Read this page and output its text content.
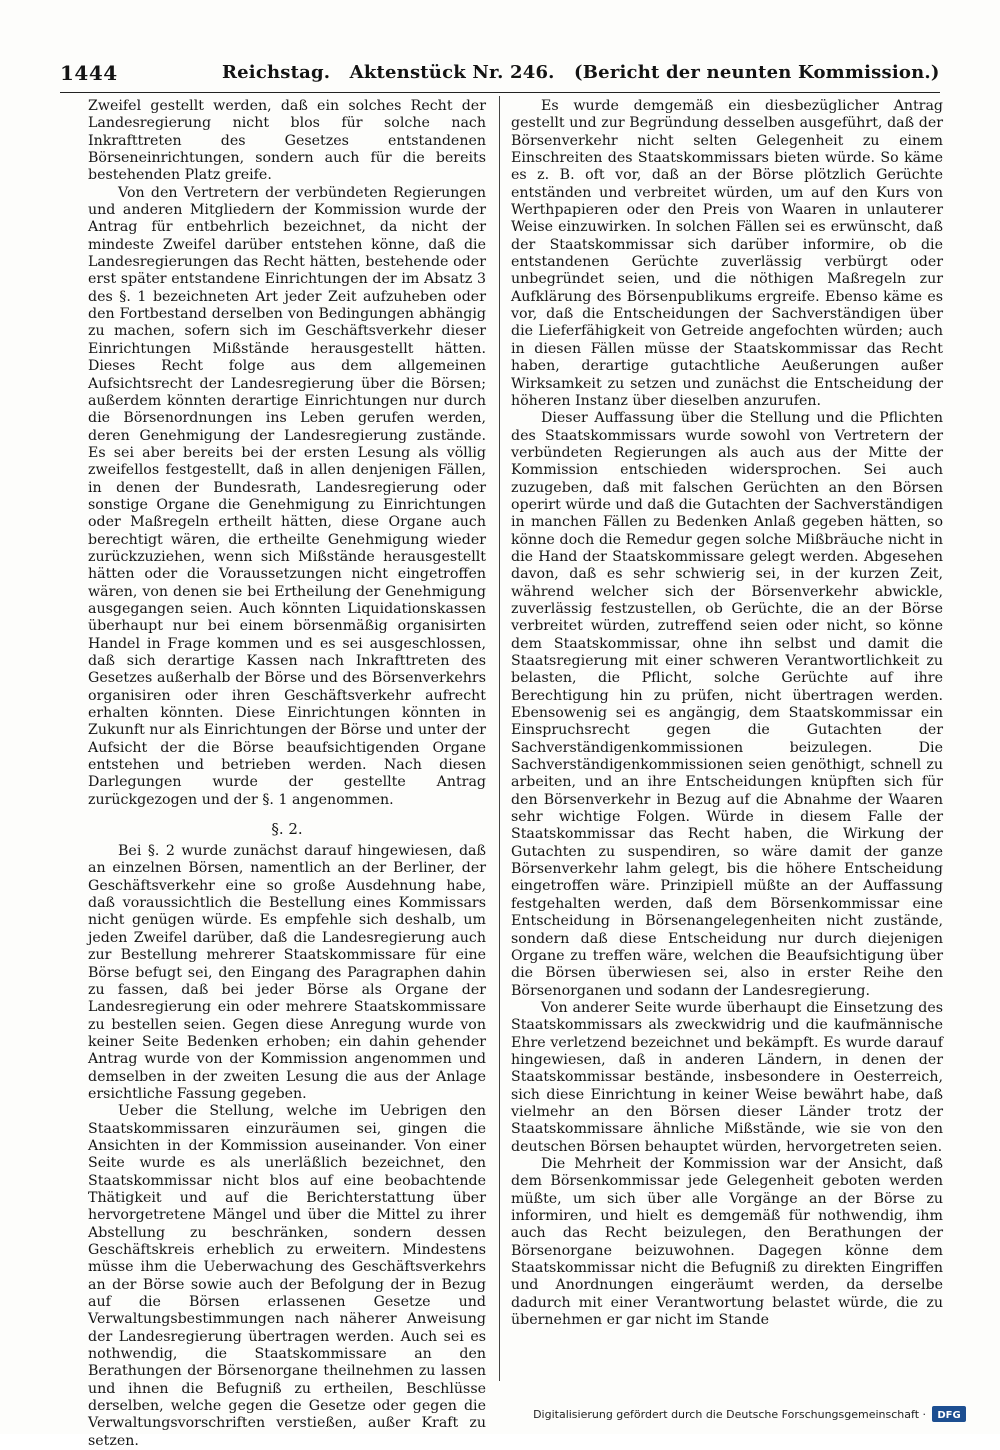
1444	Reichstag.   Aktenstück Nr. 246.   (Bericht der neunten Kommission.)

Zweifel gestellt werden, daß ein solches Recht der Landesregierung nicht blos für solche nach Inkrafttreten des Gesetzes entstandenen Börseneinrichtungen, sondern auch für die bereits bestehenden Platz greife.

Von den Vertretern der verbündeten Regierungen und anderen Mitgliedern der Kommission wurde der Antrag für entbehrlich bezeichnet, da nicht der mindeste Zweifel darüber entstehen könne, daß die Landesregierungen das Recht hätten, bestehende oder erst später entstandene Einrichtungen der im Absatz 3 des §. 1 bezeichneten Art jeder Zeit aufzuheben oder den Fortbestand derselben von Bedingungen abhängig zu machen, sofern sich im Geschäftsverkehr dieser Einrichtungen Mißstände herausgestellt hätten. Dieses Recht folge aus dem allgemeinen Aufsichtsrecht der Landesregierung über die Börsen; außerdem könnten derartige Einrichtungen nur durch die Börsenordnungen ins Leben gerufen werden, deren Genehmigung der Landesregierung zustände. Es sei aber bereits bei der ersten Lesung als völlig zweifellos festgestellt, daß in allen denjenigen Fällen, in denen der Bundesrath, Landesregierung oder sonstige Organe die Genehmigung zu Einrichtungen oder Maßregeln ertheilt hätten, diese Organe auch berechtigt wären, die ertheilte Genehmigung wieder zurückzuziehen, wenn sich Mißstände herausgestellt hätten oder die Voraussetzungen nicht eingetroffen wären, von denen sie bei Ertheilung der Genehmigung ausgegangen seien. Auch könnten Liquidationskassen überhaupt nur bei einem börsenmäßig organisirten Handel in Frage kommen und es sei ausgeschlossen, daß sich derartige Kassen nach Inkrafttreten des Gesetzes außerhalb der Börse und des Börsenverkehrs organisiren oder ihren Geschäftsverkehr aufrecht erhalten könnten. Diese Einrichtungen könnten in Zukunft nur als Einrichtungen der Börse und unter der Aufsicht der die Börse beaufsichtigenden Organe entstehen und betrieben werden. Nach diesen Darlegungen wurde der gestellte Antrag zurückgezogen und der §. 1 angenommen.

§. 2.

Bei §. 2 wurde zunächst darauf hingewiesen, daß an einzelnen Börsen, namentlich an der Berliner, der Geschäftsverkehr eine so große Ausdehnung habe, daß voraussichtlich die Bestellung eines Kommissars nicht genügen würde. Es empfehle sich deshalb, um jeden Zweifel darüber, daß die Landesregierung auch zur Bestellung mehrerer Staatskommissare für eine Börse befugt sei, den Eingang des Paragraphen dahin zu fassen, daß bei jeder Börse als Organe der Landesregierung ein oder mehrere Staatskommissare zu bestellen seien. Gegen diese Anregung wurde von keiner Seite Bedenken erhoben; ein dahin gehender Antrag wurde von der Kommission angenommen und demselben in der zweiten Lesung die aus der Anlage ersichtliche Fassung gegeben.

Ueber die Stellung, welche im Uebrigen den Staatskommissaren einzuräumen sei, gingen die Ansichten in der Kommission auseinander. Von einer Seite wurde es als unerläßlich bezeichnet, den Staatskommissar nicht blos auf eine beobachtende Thätigkeit und auf die Berichterstattung über hervorgetretene Mängel und über die Mittel zu ihrer Abstellung zu beschränken, sondern dessen Geschäftskreis erheblich zu erweitern. Mindestens müsse ihm die Ueberwachung des Geschäftsverkehrs an der Börse sowie auch der Befolgung der in Bezug auf die Börsen erlassenen Gesetze und Verwaltungsbestimmungen nach näherer Anweisung der Landesregierung übertragen werden. Auch sei es nothwendig, die Staatskommissare an den Berathungen der Börsenorgane theilnehmen zu lassen und ihnen die Befugniß zu ertheilen, Beschlüsse derselben, welche gegen die Gesetze oder gegen die Verwaltungsvorschriften verstießen, außer Kraft zu setzen.

Es wurde demgemäß ein diesbezüglicher Antrag gestellt und zur Begründung desselben ausgeführt, daß der Börsenverkehr nicht selten Gelegenheit zu einem Einschreiten des Staatskommissars bieten würde. So käme es z. B. oft vor, daß an der Börse plötzlich Gerüchte entständen und verbreitet würden, um auf den Kurs von Werthpapieren oder den Preis von Waaren in unlauterer Weise einzuwirken. In solchen Fällen sei es erwünscht, daß der Staatskommissar sich darüber informire, ob die entstandenen Gerüchte zuverlässig verbürgt oder unbegründet seien, und die nöthigen Maßregeln zur Aufklärung des Börsenpublikums ergreife. Ebenso käme es vor, daß die Entscheidungen der Sachverständigen über die Lieferfähigkeit von Getreide angefochten würden; auch in diesen Fällen müsse der Staatskommissar das Recht haben, derartige gutachtliche Aeußerungen außer Wirksamkeit zu setzen und zunächst die Entscheidung der höheren Instanz über dieselben anzurufen.

Dieser Auffassung über die Stellung und die Pflichten des Staatskommissars wurde sowohl von Vertretern der verbündeten Regierungen als auch aus der Mitte der Kommission entschieden widersprochen. Sei auch zuzugeben, daß mit falschen Gerüchten an den Börsen operirt würde und daß die Gutachten der Sachverständigen in manchen Fällen zu Bedenken Anlaß gegeben hätten, so könne doch die Remedur gegen solche Mißbräuche nicht in die Hand der Staatskommissare gelegt werden. Abgesehen davon, daß es sehr schwierig sei, in der kurzen Zeit, während welcher sich der Börsenverkehr abwickle, zuverlässig festzustellen, ob Gerüchte, die an der Börse verbreitet würden, zutreffend seien oder nicht, so könne dem Staatskommissar, ohne ihn selbst und damit die Staatsregierung mit einer schweren Verantwortlichkeit zu belasten, die Pflicht, solche Gerüchte auf ihre Berechtigung hin zu prüfen, nicht übertragen werden. Ebensowenig sei es angängig, dem Staatskommissar ein Einspruchsrecht gegen die Gutachten der Sachverständigenkommissionen beizulegen. Die Sachverständigenkommissionen seien genöthigt, schnell zu arbeiten, und an ihre Entscheidungen knüpften sich für den Börsenverkehr in Bezug auf die Abnahme der Waaren sehr wichtige Folgen. Würde in diesem Falle der Staatskommissar das Recht haben, die Wirkung der Gutachten zu suspendiren, so wäre damit der ganze Börsenverkehr lahm gelegt, bis die höhere Entscheidung eingetroffen wäre. Prinzipiell müßte an der Auffassung festgehalten werden, daß dem Börsenkommissar eine Entscheidung in Börsenangelegenheiten nicht zustände, sondern daß diese Entscheidung nur durch diejenigen Organe zu treffen wäre, welchen die Beaufsichtigung über die Börsen überwiesen sei, also in erster Reihe den Börsenorganen und sodann der Landesregierung.

Von anderer Seite wurde überhaupt die Einsetzung des Staatskommissars als zweckwidrig und die kaufmännische Ehre verletzend bezeichnet und bekämpft. Es wurde darauf hingewiesen, daß in anderen Ländern, in denen der Staatskommissar bestände, insbesondere in Oesterreich, sich diese Einrichtung in keiner Weise bewährt habe, daß vielmehr an den Börsen dieser Länder trotz der Staatskommissare ähnliche Mißstände, wie sie von den deutschen Börsen behauptet würden, hervorgetreten seien.

Die Mehrheit der Kommission war der Ansicht, daß dem Börsenkommissar jede Gelegenheit geboten werden müßte, um sich über alle Vorgänge an der Börse zu informiren, und hielt es demgemäß für nothwendig, ihm auch das Recht beizulegen, den Berathungen der Börsenorgane beizuwohnen. Dagegen könne dem Staatskommissar nicht die Befugniß zu direkten Eingriffen und Anordnungen eingeräumt werden, da derselbe dadurch mit einer Verantwortung belastet würde, die zu übernehmen er gar nicht im Stande

Digitalisierung gefördert durch die Deutsche Forschungsgemeinschaft · DFG
